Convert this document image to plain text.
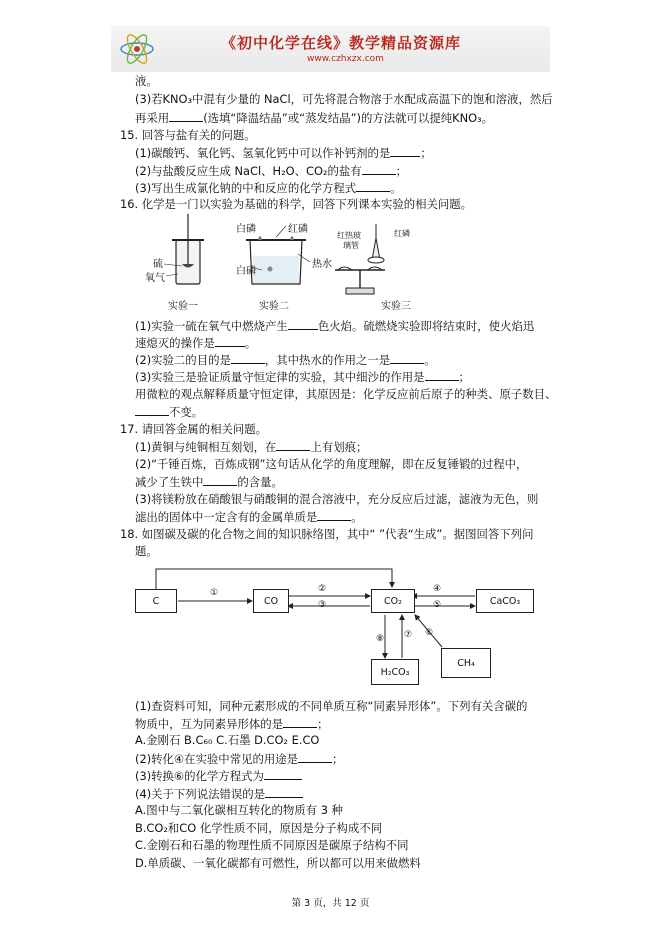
《初中化学在线》教学精品资源库
www.czhxzx.com
液。
(3)若KNO₃中混有少量的 NaCl，可先将混合物溶于水配成高温下的饱和溶液，然后
再采用	(选填“降温结晶”或“蒸发结晶”)的方法就可以提纯KNO₃。
15. 回答与盐有关的问题。
(1)碳酸钙、氧化钙、氢氧化钙中可以作补钙剂的是	；
(2)与盐酸反应生成 NaCl、H₂O、CO₂的盐有	；
(3)写出生成氯化钠的中和反应的化学方程式	。
16. 化学是一门以实验为基础的科学，回答下列课本实验的相关问题。
硫
氧气
白磷	红磷
热水
白磷
红热玻
璃管
红磷
实验一	实验二	实验三
(1)实验一硫在氧气中燃烧产生	色火焰。硫燃烧实验即将结束时，使火焰迅
速熄灭的操作是	。
(2)实验二的目的是	，其中热水的作用之一是	。
(3)实验三是验证质量守恒定律的实验，其中细沙的作用是	；
用微粒的观点解释质量守恒定律，其原因是：化学反应前后原子的种类、原子数目、
不变。
17. 请回答金属的相关问题。
(1)黄铜与纯铜相互刻划，在	上有划痕；
(2)“千锤百炼，百炼成钢”这句话从化学的角度理解，即在反复锤锻的过程中，
减少了生铁中	的含量。
(3)将镁粉放在硝酸银与硝酸铜的混合溶液中，充分反应后过滤，滤液为无色，则
滤出的固体中一定含有的金属单质是	。
18. 如图碳及碳的化合物之间的知识脉络图，其中“ ”代表“生成”。据图回答下列问
题。
C	CO	CO₂	CaCO₃
H₂CO₃
CH₄
①	②
③
④
⑤
⑥
⑦
⑧
(1)查资料可知，同种元素形成的不同单质互称“同素异形体”。下列有关含碳的
物质中，互为同素异形体的是	；
A.金刚石 B.C₆₀ C.石墨 D.CO₂ E.CO
(2)转化④在实验中常见的用途是	；
(3)转换⑥的化学方程式为
(4)关于下列说法错误的是
A.图中与二氧化碳相互转化的物质有 3 种
B.CO₂和CO 化学性质不同，原因是分子构成不同
C.金刚石和石墨的物理性质不同原因是碳原子结构不同
D.单质碳、一氧化碳都有可燃性，所以都可以用来做燃料
第 3 页，共 12 页
